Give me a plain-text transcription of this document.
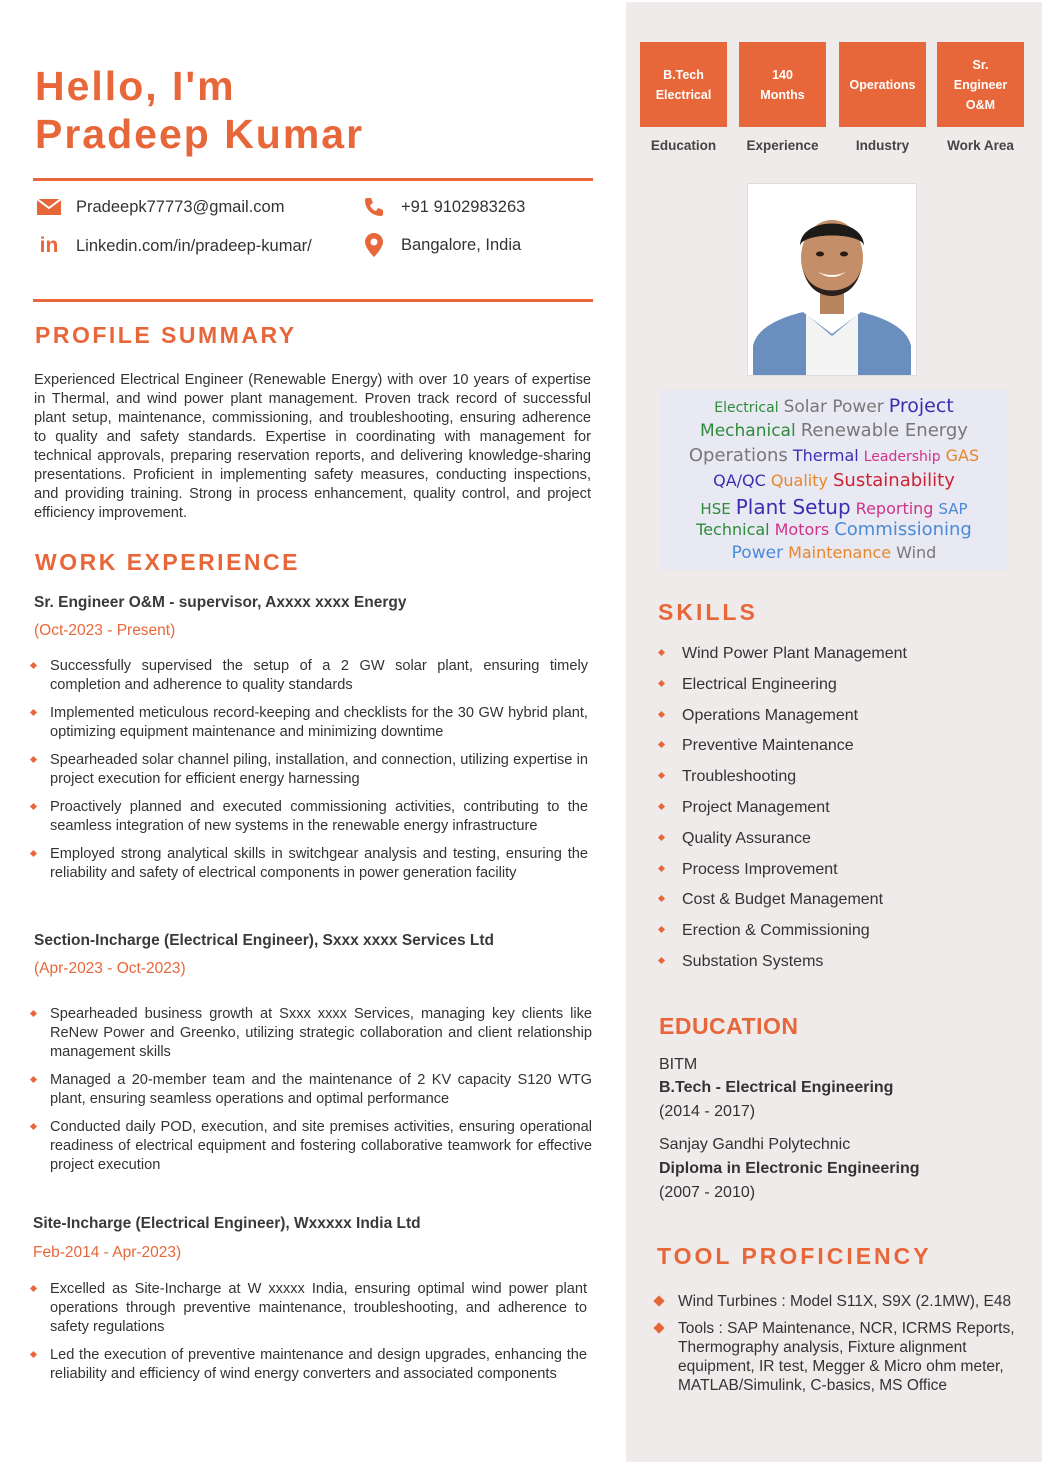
Hello, I'm
Pradeep Kumar
Pradeepk77773@gmail.com	+91 9102983263
in Linkedin.com/in/pradeep-kumar/	Bangalore, India
PROFILE SUMMARY

Experienced Electrical Engineer (Renewable Energy) with over 10 years of expertise in Thermal, and wind power plant management. Proven track record of successful plant setup, maintenance, commissioning, and troubleshooting, ensuring adherence to quality and safety standards. Expertise in coordinating with management for technical approvals, preparing reservation reports, and delivering knowledge-sharing presentations. Proficient in implementing safety measures, conducting inspections, and providing training. Strong in process enhancement, quality control, and project efficiency improvement.

WORK EXPERIENCE
Sr. Engineer O&M - supervisor, Axxxx xxxx Energy
(Oct-2023 - Present)
Successfully supervised the setup of a 2 GW solar plant, ensuring timely completion and adherence to quality standards
Implemented meticulous record-keeping and checklists for the 30 GW hybrid plant, optimizing equipment maintenance and minimizing downtime
Spearheaded solar channel piling, installation, and connection, utilizing expertise in project execution for efficient energy harnessing
Proactively planned and executed commissioning activities, contributing to the seamless integration of new systems in the renewable energy infrastructure
Employed strong analytical skills in switchgear analysis and testing, ensuring the reliability and safety of electrical components in power generation facility
Section-Incharge (Electrical Engineer), Sxxx xxxx Services Ltd
(Apr-2023 - Oct-2023)
Spearheaded business growth at Sxxx xxxx Services, managing key clients like ReNew Power and Greenko, utilizing strategic collaboration and client relationship management skills
Managed a 20-member team and the maintenance of 2 KV capacity S120 WTG plant, ensuring seamless operations and optimal performance
Conducted daily POD, execution, and site premises activities, ensuring operational readiness of electrical equipment and fostering collaborative teamwork for effective project execution
Site-Incharge (Electrical Engineer), Wxxxxx India Ltd
Feb-2014 - Apr-2023)
Excelled as Site-Incharge at W xxxxx India, ensuring optimal wind power plant operations through preventive maintenance, troubleshooting, and adherence to safety regulations
Led the execution of preventive maintenance and design upgrades, enhancing the reliability and efficiency of wind energy converters and associated components
B.Tech
Electrical
140
Months
Operations
Sr.
Engineer
O&M
Education	Experience	Industry	Work Area
Electrical Solar Power Project
Mechanical Renewable Energy
Operations Thermal Leadership GAS
QA/QC Quality Sustainability
HSE Plant Setup Reporting SAP
Technical Motors Commissioning
Power Maintenance Wind
SKILLS
Wind Power Plant Management
Electrical Engineering
Operations Management
Preventive Maintenance
Troubleshooting
Project Management
Quality Assurance
Process Improvement
Cost & Budget Management
Erection & Commissioning
Substation Systems
EDUCATION
BITM
B.Tech - Electrical Engineering
(2014 - 2017)
Sanjay Gandhi Polytechnic
Diploma in Electronic Engineering
(2007 - 2010)
TOOL PROFICIENCY
Wind Turbines : Model S11X, S9X (2.1MW), E48
Tools : SAP Maintenance, NCR, ICRMS Reports, Thermography analysis, Fixture alignment equipment, IR test, Megger & Micro ohm meter, MATLAB/Simulink, C-basics, MS Office
